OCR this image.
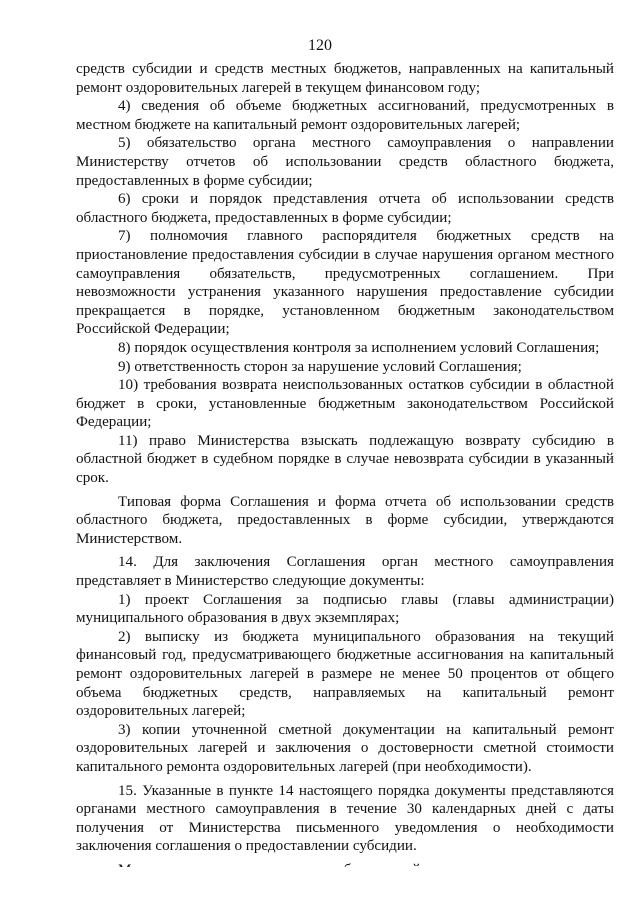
120

средств субсидии и средств местных бюджетов, направленных на капитальный ремонт оздоровительных лагерей в текущем финансовом году;

4) сведения об объеме бюджетных ассигнований, предусмотренных в местном бюджете на капитальный ремонт оздоровительных лагерей;

5) обязательство органа местного самоуправления о направлении Министерству отчетов об использовании средств областного бюджета, предоставленных в форме субсидии;

6) сроки и порядок представления отчета об использовании средств областного бюджета, предоставленных в форме субсидии;

7) полномочия главного распорядителя бюджетных средств на приостановление предоставления субсидии в случае нарушения органом местного самоуправления обязательств, предусмотренных соглашением. При невозможности устранения указанного нарушения предоставление субсидии прекращается в порядке, установленном бюджетным законодательством Российской Федерации;

8) порядок осуществления контроля за исполнением условий Соглашения;

9) ответственность сторон за нарушение условий Соглашения;

10) требования возврата неиспользованных остатков субсидии в областной бюджет в сроки, установленные бюджетным законодательством Российской Федерации;

11) право Министерства взыскать подлежащую возврату субсидию в областной бюджет в судебном порядке в случае невозврата субсидии в указанный срок.

Типовая форма Соглашения и форма отчета об использовании средств областного бюджета, предоставленных в форме субсидии, утверждаются Министерством.

14. Для заключения Соглашения орган местного самоуправления представляет в Министерство следующие документы:

1) проект Соглашения за подписью главы (главы администрации) муниципального образования в двух экземплярах;

2) выписку из бюджета муниципального образования на текущий финансовый год, предусматривающего бюджетные ассигнования на капитальный ремонт оздоровительных лагерей в размере не менее 50 процентов от общего объема бюджетных средств, направляемых на капитальный ремонт оздоровительных лагерей;

3) копии уточненной сметной документации на капитальный ремонт оздоровительных лагерей и заключения о достоверности сметной стоимости капитального ремонта оздоровительных лагерей (при необходимости).

15. Указанные в пункте 14 настоящего порядка документы представляются органами местного самоуправления в течение 30 календарных дней с даты получения от Министерства письменного уведомления о необходимости заключения соглашения о предоставлении субсидии.
